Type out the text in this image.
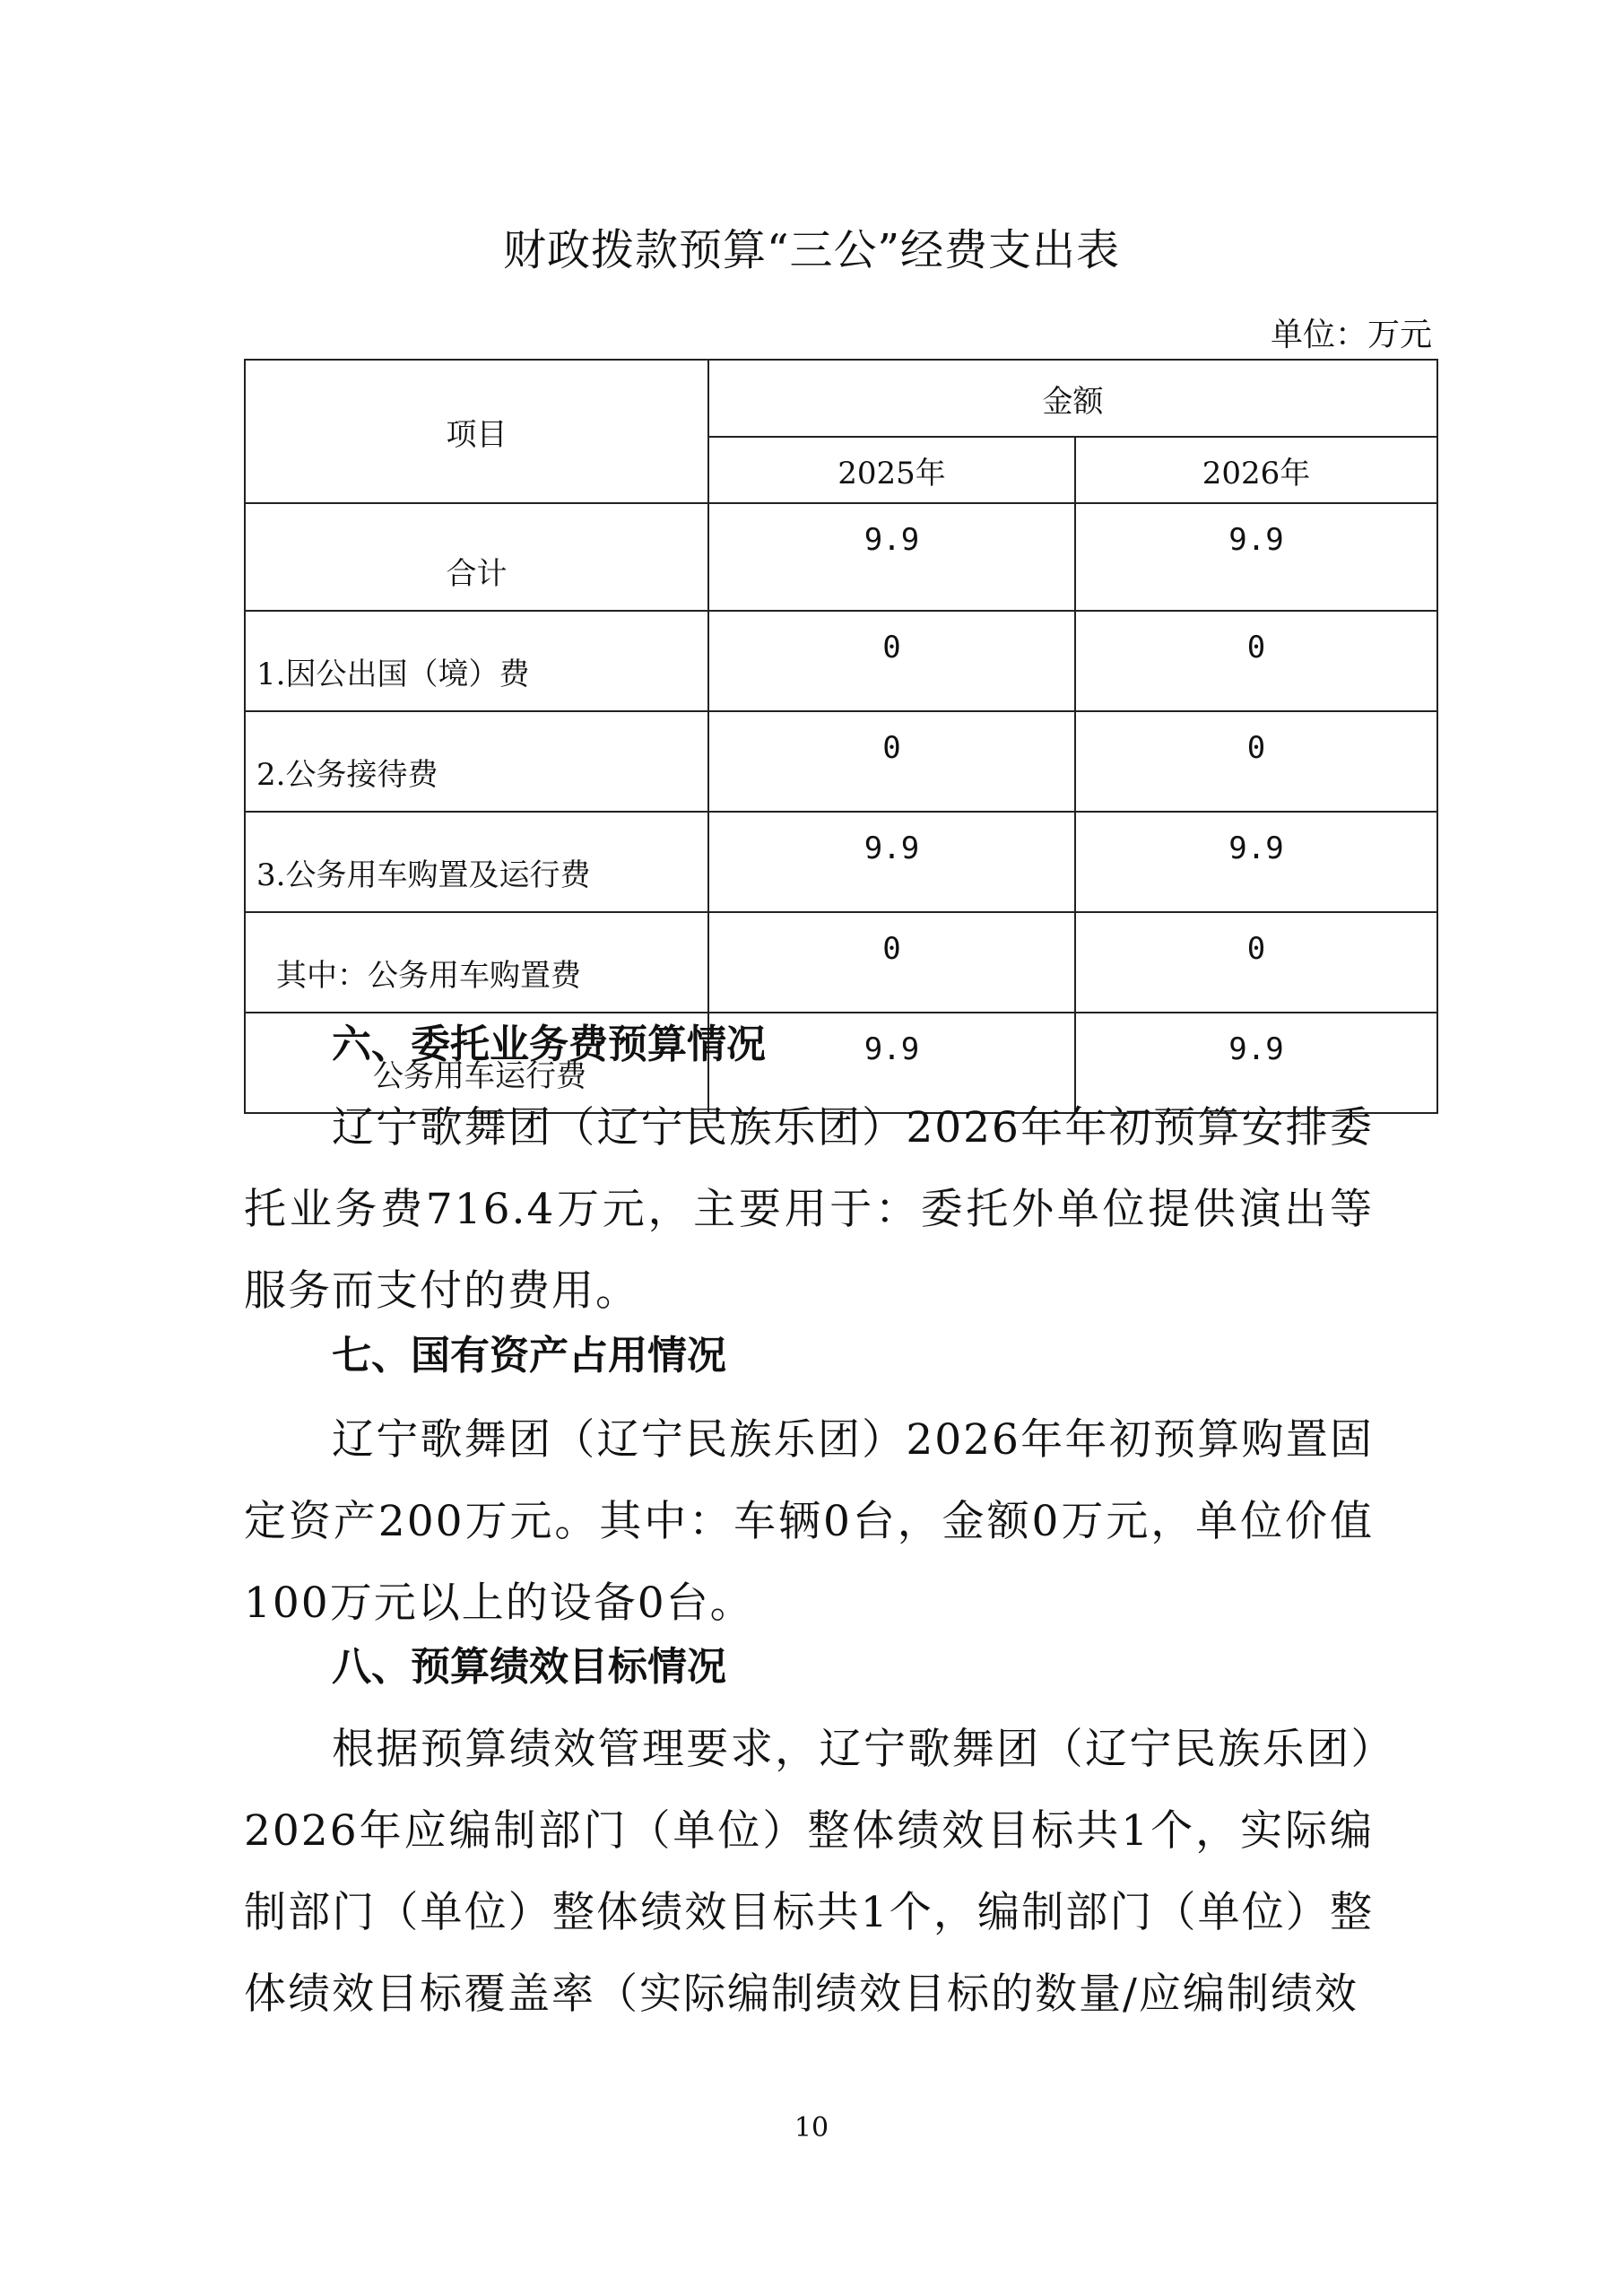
财政拨款预算“三公”经费支出表
单位：万元
项目	金额	
	2025年	2026年
合计	9.9	9.9
1.因公出国（境）费	0	0
2.公务接待费	0	0
3.公务用车购置及运行费	9.9	9.9
其中：公务用车购置费	0	0
公务用车运行费	9.9	9.9
六、委托业务费预算情况
辽宁歌舞团（辽宁民族乐团）2026年年初预算安排委托业务费716.4万元，主要用于：委托外单位提供演出等服务而支付的费用。
七、国有资产占用情况
辽宁歌舞团（辽宁民族乐团）2026年年初预算购置固定资产200万元。其中：车辆0台，金额0万元，单位价值100万元以上的设备0台。
八、预算绩效目标情况
根据预算绩效管理要求，辽宁歌舞团（辽宁民族乐团）2026年应编制部门（单位）整体绩效目标共1个，实际编制部门（单位）整体绩效目标共1个，编制部门（单位）整体绩效目标覆盖率（实际编制绩效目标的数量/应编制绩效
10
